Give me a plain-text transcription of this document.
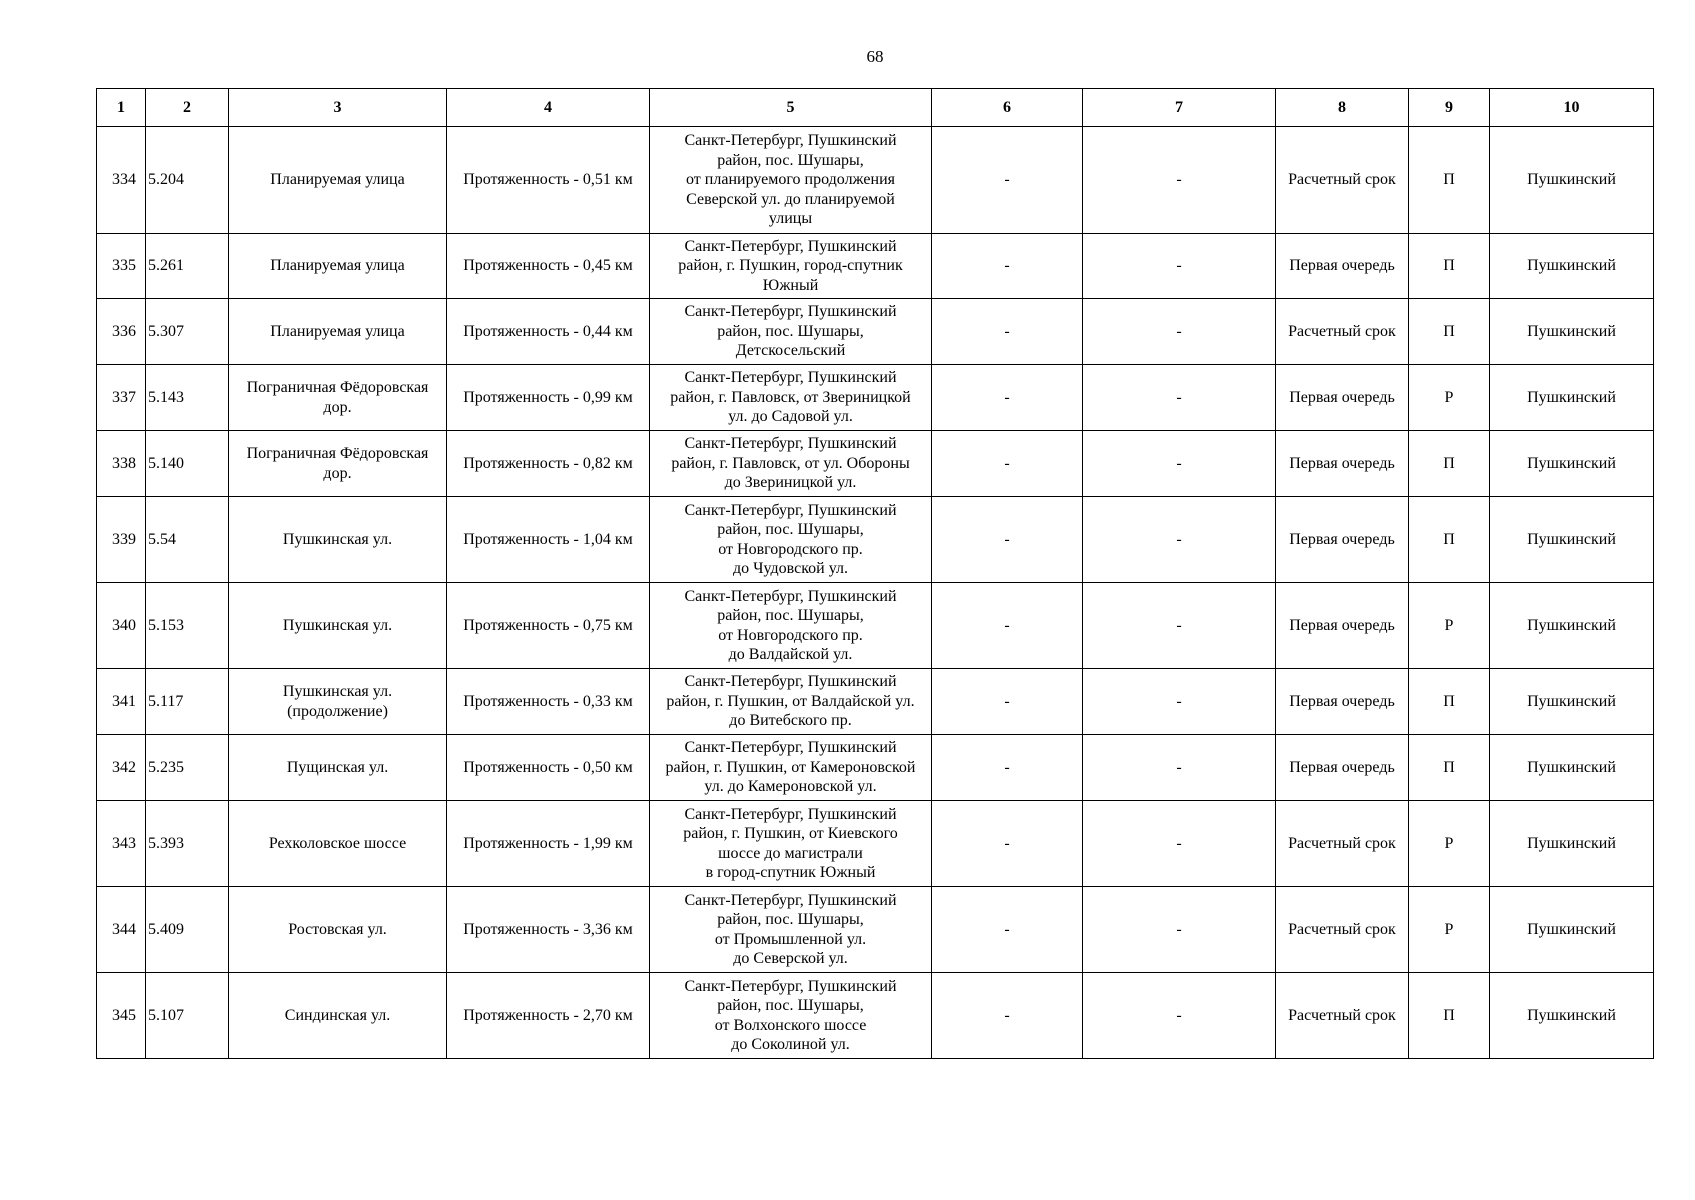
68
1	2	3	4	5	6	7	8	9	10
334	5.204	Планируемая улица	Протяженность - 0,51 км	Санкт-Петербург, Пушкинский
район, пос. Шушары,
от планируемого продолжения
Северской ул. до планируемой
улицы	-	-	Расчетный срок	П	Пушкинский
335	5.261	Планируемая улица	Протяженность - 0,45 км	Санкт-Петербург, Пушкинский
район, г. Пушкин, город-спутник
Южный	-	-	Первая очередь	П	Пушкинский
336	5.307	Планируемая улица	Протяженность - 0,44 км	Санкт-Петербург, Пушкинский
район, пос. Шушары,
Детскосельский	-	-	Расчетный срок	П	Пушкинский
337	5.143	Пограничная Фёдоровская дор.	Протяженность - 0,99 км	Санкт-Петербург, Пушкинский
район, г. Павловск, от Звериницкой
ул. до Садовой ул.	-	-	Первая очередь	Р	Пушкинский
338	5.140	Пограничная Фёдоровская дор.	Протяженность - 0,82 км	Санкт-Петербург, Пушкинский
район, г. Павловск, от ул. Обороны
до Звериницкой ул.	-	-	Первая очередь	П	Пушкинский
339	5.54	Пушкинская ул.	Протяженность - 1,04 км	Санкт-Петербург, Пушкинский
район, пос. Шушары,
от Новгородского пр.
до Чудовской ул.	-	-	Первая очередь	П	Пушкинский
340	5.153	Пушкинская ул.	Протяженность - 0,75 км	Санкт-Петербург, Пушкинский
район, пос. Шушары,
от Новгородского пр.
до Валдайской ул.	-	-	Первая очередь	Р	Пушкинский
341	5.117	Пушкинская ул.
(продолжение)	Протяженность - 0,33 км	Санкт-Петербург, Пушкинский
район, г. Пушкин, от Валдайской ул.
до Витебского пр.	-	-	Первая очередь	П	Пушкинский
342	5.235	Пущинская ул.	Протяженность - 0,50 км	Санкт-Петербург, Пушкинский
район, г. Пушкин, от Камероновской
ул. до Камероновской ул.	-	-	Первая очередь	П	Пушкинский
343	5.393	Рехколовское шоссе	Протяженность - 1,99 км	Санкт-Петербург, Пушкинский
район, г. Пушкин, от Киевского
шоссе до магистрали
в город-спутник Южный	-	-	Расчетный срок	Р	Пушкинский
344	5.409	Ростовская ул.	Протяженность - 3,36 км	Санкт-Петербург, Пушкинский
район, пос. Шушары,
от Промышленной ул.
до Северской ул.	-	-	Расчетный срок	Р	Пушкинский
345	5.107	Синдинская ул.	Протяженность - 2,70 км	Санкт-Петербург, Пушкинский
район, пос. Шушары,
от Волхонского шоссе
до Соколиной ул.	-	-	Расчетный срок	П	Пушкинский
